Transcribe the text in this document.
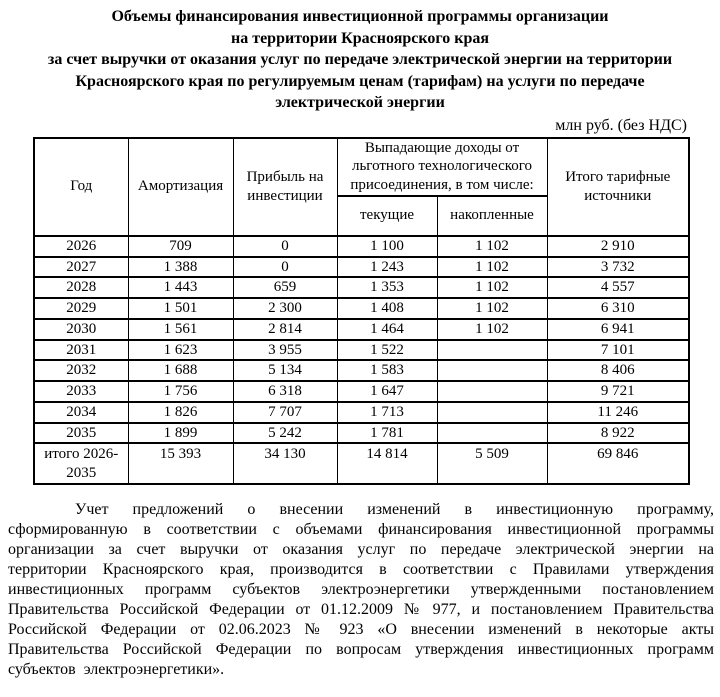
Объемы финансирования инвестиционной программы организации
на территории Красноярского края
за счет выручки от оказания услуг по передаче электрической энергии на территории
Красноярского края по регулируемым ценам (тарифам) на услуги по передаче
электрической энергии
млн руб. (без НДС)
Год	Амортизация	Прибыль на инвестиции	Выпадающие доходы от льготного технологического присоединения, в том числе:		Итого тарифные источники
			текущие	накопленные	
2026	709	0	1 100	1 102	2 910
2027	1 388	0	1 243	1 102	3 732
2028	1 443	659	1 353	1 102	4 557
2029	1 501	2 300	1 408	1 102	6 310
2030	1 561	2 814	1 464	1 102	6 941
2031	1 623	3 955	1 522		7 101
2032	1 688	5 134	1 583		8 406
2033	1 756	6 318	1 647		9 721
2034	1 826	7 707	1 713		11 246
2035	1 899	5 242	1 781		8 922
итого 2026-2035	15 393	34 130	14 814	5 509	69 846

Учет предложений о внесении изменений в инвестиционную программу, сформированную в соответствии с объемами финансирования инвестиционной программы организации за счет выручки от оказания услуг по передаче электрической энергии на территории Красноярского края, производится в соответствии с Правилами утверждения инвестиционных программ субъектов электроэнергетики утвержденными постановлением Правительства Российской Федерации от 01.12.2009 № 977, и постановлением Правительства Российской Федерации от 02.06.2023 № 923 «О внесении изменений в некоторые акты Правительства Российской Федерации по вопросам утверждения инвестиционных программ субъектов электроэнергетики».
